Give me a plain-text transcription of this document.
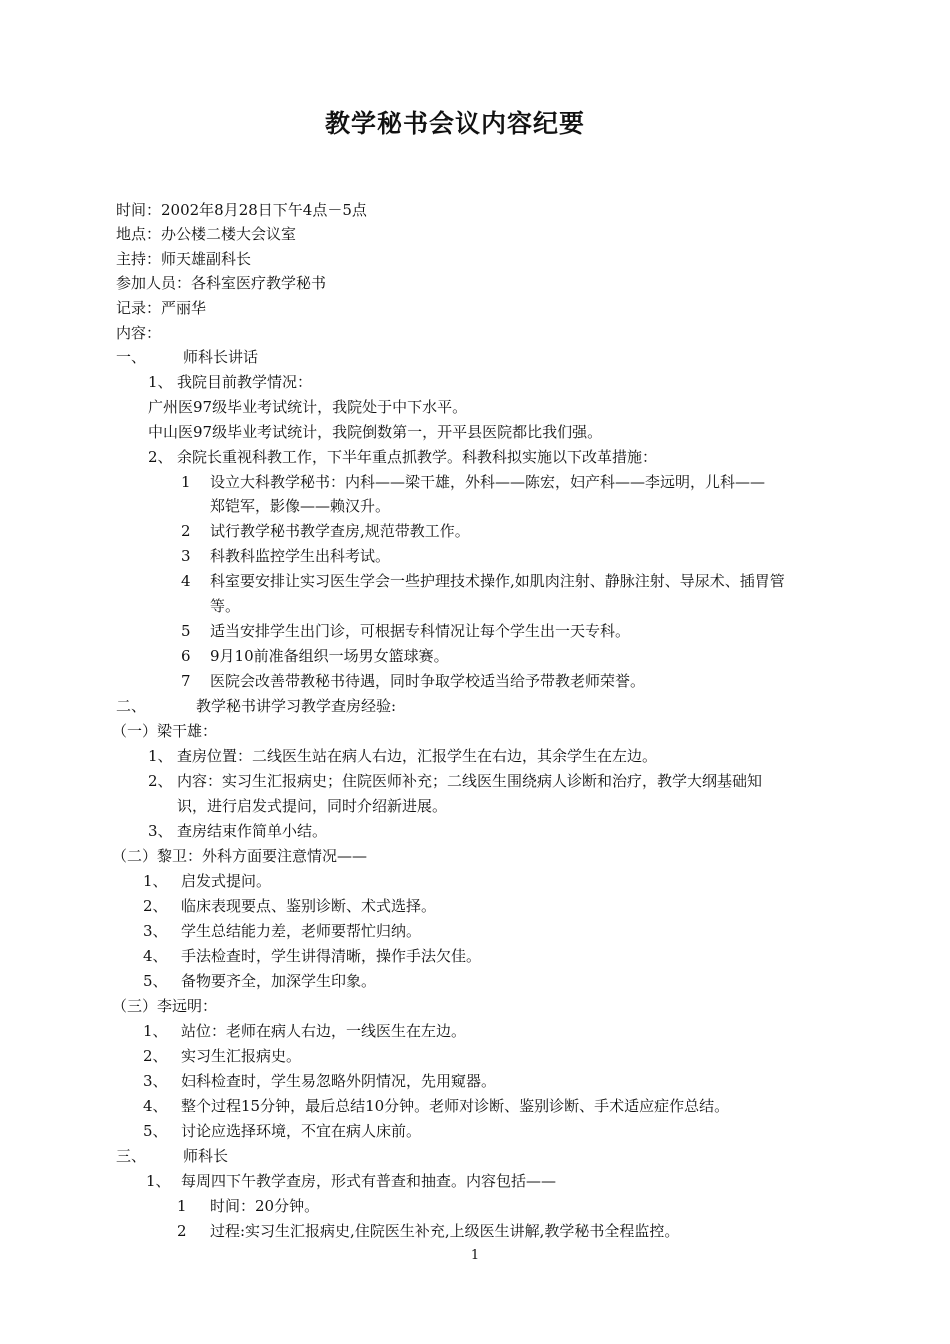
教学秘书会议内容纪要
时间：2002年8月28日下午4点－5点
地点：办公楼二楼大会议室
主持：师天雄副科长
参加人员：各科室医疗教学秘书
记录：严丽华
内容：
一、 师科长讲话
1、 我院目前教学情况：
广州医97级毕业考试统计，我院处于中下水平。
中山医97级毕业考试统计，我院倒数第一，开平县医院都比我们强。
2、 余院长重视科教工作，下半年重点抓教学。科教科拟实施以下改革措施：
1 设立大科教学秘书：内科——梁干雄，外科——陈宏，妇产科——李远明，儿科——
郑铠军，影像——赖汉升。
2 试行教学秘书教学查房,规范带教工作。
3 科教科监控学生出科考试。
4 科室要安排让实习医生学会一些护理技术操作,如肌肉注射、静脉注射、导尿术、插胃管
等。
5 适当安排学生出门诊，可根据专科情况让每个学生出一天专科。
6 9月10前准备组织一场男女篮球赛。
7 医院会改善带教秘书待遇，同时争取学校适当给予带教老师荣誉。
二、	教学秘书讲学习教学查房经验:
（一）梁干雄：
1、 查房位置：二线医生站在病人右边，汇报学生在右边，其余学生在左边。
2、 内容：实习生汇报病史；住院医师补充；二线医生围绕病人诊断和治疗，教学大纲基础知
识，进行启发式提问，同时介绍新进展。
3、 查房结束作简单小结。
（二）黎卫：外科方面要注意情况——
1、 启发式提问。
2、 临床表现要点、鉴别诊断、术式选择。
3、 学生总结能力差，老师要帮忙归纳。
4、 手法检查时，学生讲得清晰，操作手法欠佳。
5、 备物要齐全，加深学生印象。
（三）李远明：
1、 站位：老师在病人右边，一线医生在左边。
2、 实习生汇报病史。
3、 妇科检查时，学生易忽略外阴情况，先用窥器。
4、 整个过程15分钟，最后总结10分钟。老师对诊断、鉴别诊断、手术适应症作总结。
5、 讨论应选择环境，不宜在病人床前。
三、 师科长
1、 每周四下午教学查房，形式有普查和抽查。内容包括——
1 时间：20分钟。
2 过程:实习生汇报病史,住院医生补充,上级医生讲解,教学秘书全程监控。
1
